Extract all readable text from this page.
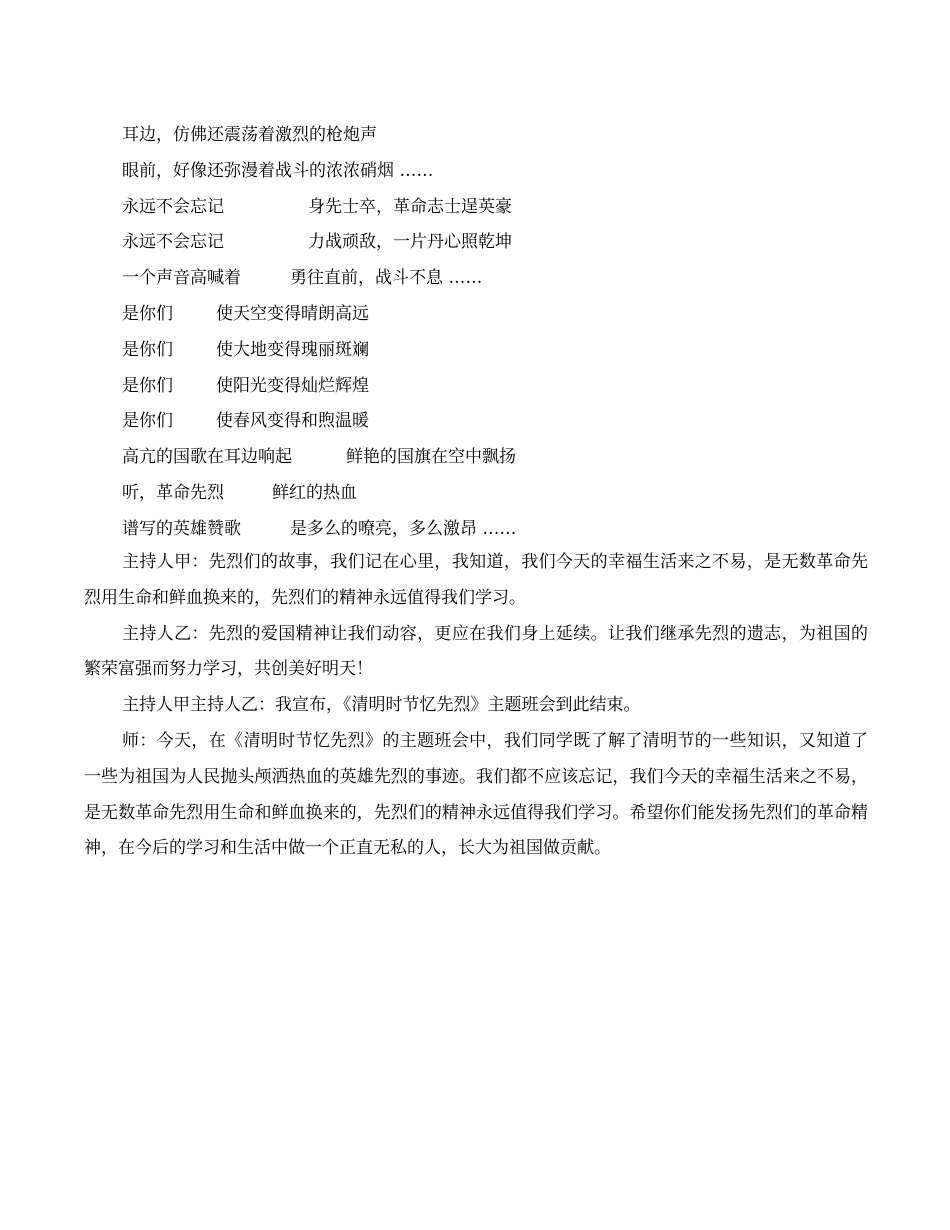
耳边，仿佛还震荡着激烈的枪炮声
眼前，好像还弥漫着战斗的浓浓硝烟 ……
永远不会忘记	身先士卒，革命志士逞英豪
永远不会忘记	力战顽敌，一片丹心照乾坤
一个声音高喊着	勇往直前，战斗不息 ……
是你们	使天空变得晴朗高远
是你们	使大地变得瑰丽斑斓
是你们	使阳光变得灿烂辉煌
是你们	使春风变得和煦温暖
高亢的国歌在耳边响起	鲜艳的国旗在空中飘扬
听，革命先烈	鲜红的热血
谱写的英雄赞歌	是多么的嘹亮，多么激昂 ……

主持人甲：先烈们的故事，我们记在心里，我知道，我们今天的幸福生活来之不易，是无数革命先烈用生命和鲜血换来的，先烈们的精神永远值得我们学习。

主持人乙：先烈的爱国精神让我们动容，更应在我们身上延续。让我们继承先烈的遗志，为祖国的繁荣富强而努力学习，共创美好明天！

主持人甲主持人乙：我宣布，《清明时节忆先烈》主题班会到此结束。

师：今天，在《清明时节忆先烈》的主题班会中，我们同学既了解了清明节的一些知识，又知道了一些为祖国为人民抛头颅洒热血的英雄先烈的事迹。我们都不应该忘记，我们今天的幸福生活来之不易，是无数革命先烈用生命和鲜血换来的，先烈们的精神永远值得我们学习。希望你们能发扬先烈们的革命精神，在今后的学习和生活中做一个正直无私的人，长大为祖国做贡献。
